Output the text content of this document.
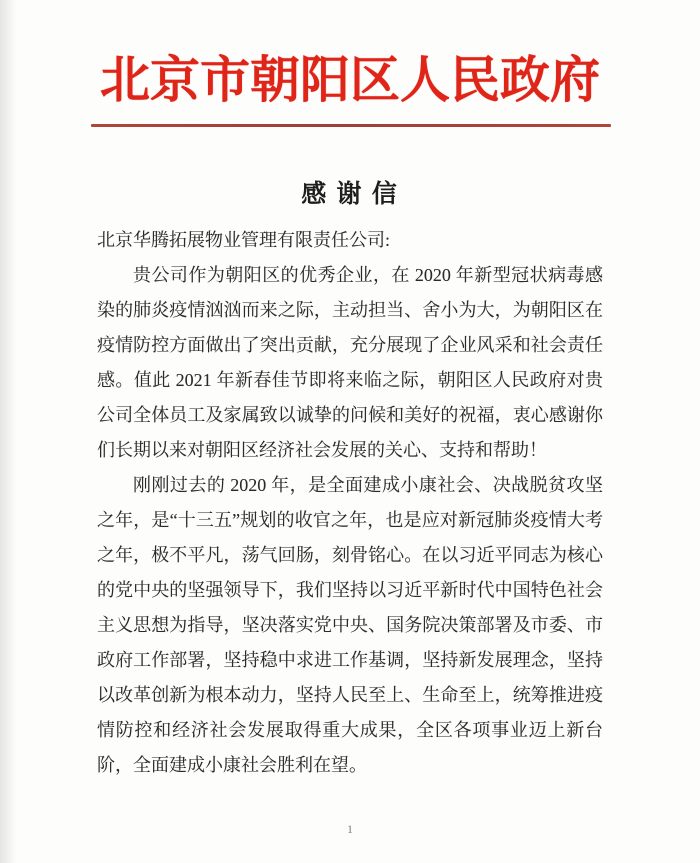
北京市朝阳区人民政府
感 谢 信

北京华腾拓展物业管理有限责任公司:

贵公司作为朝阳区的优秀企业，在 2020 年新型冠状病毒感染的肺炎疫情汹汹而来之际，主动担当、舍小为大，为朝阳区在疫情防控方面做出了突出贡献，充分展现了企业风采和社会责任感。值此 2021 年新春佳节即将来临之际，朝阳区人民政府对贵公司全体员工及家属致以诚挚的问候和美好的祝福，衷心感谢你们长期以来对朝阳区经济社会发展的关心、支持和帮助！

刚刚过去的 2020 年，是全面建成小康社会、决战脱贫攻坚之年，是“十三五”规划的收官之年，也是应对新冠肺炎疫情大考之年，极不平凡，荡气回肠，刻骨铭心。在以习近平同志为核心的党中央的坚强领导下，我们坚持以习近平新时代中国特色社会主义思想为指导，坚决落实党中央、国务院决策部署及市委、市政府工作部署，坚持稳中求进工作基调，坚持新发展理念，坚持以改革创新为根本动力，坚持人民至上、生命至上，统筹推进疫情防控和经济社会发展取得重大成果，全区各项事业迈上新台阶，全面建成小康社会胜利在望。

1
